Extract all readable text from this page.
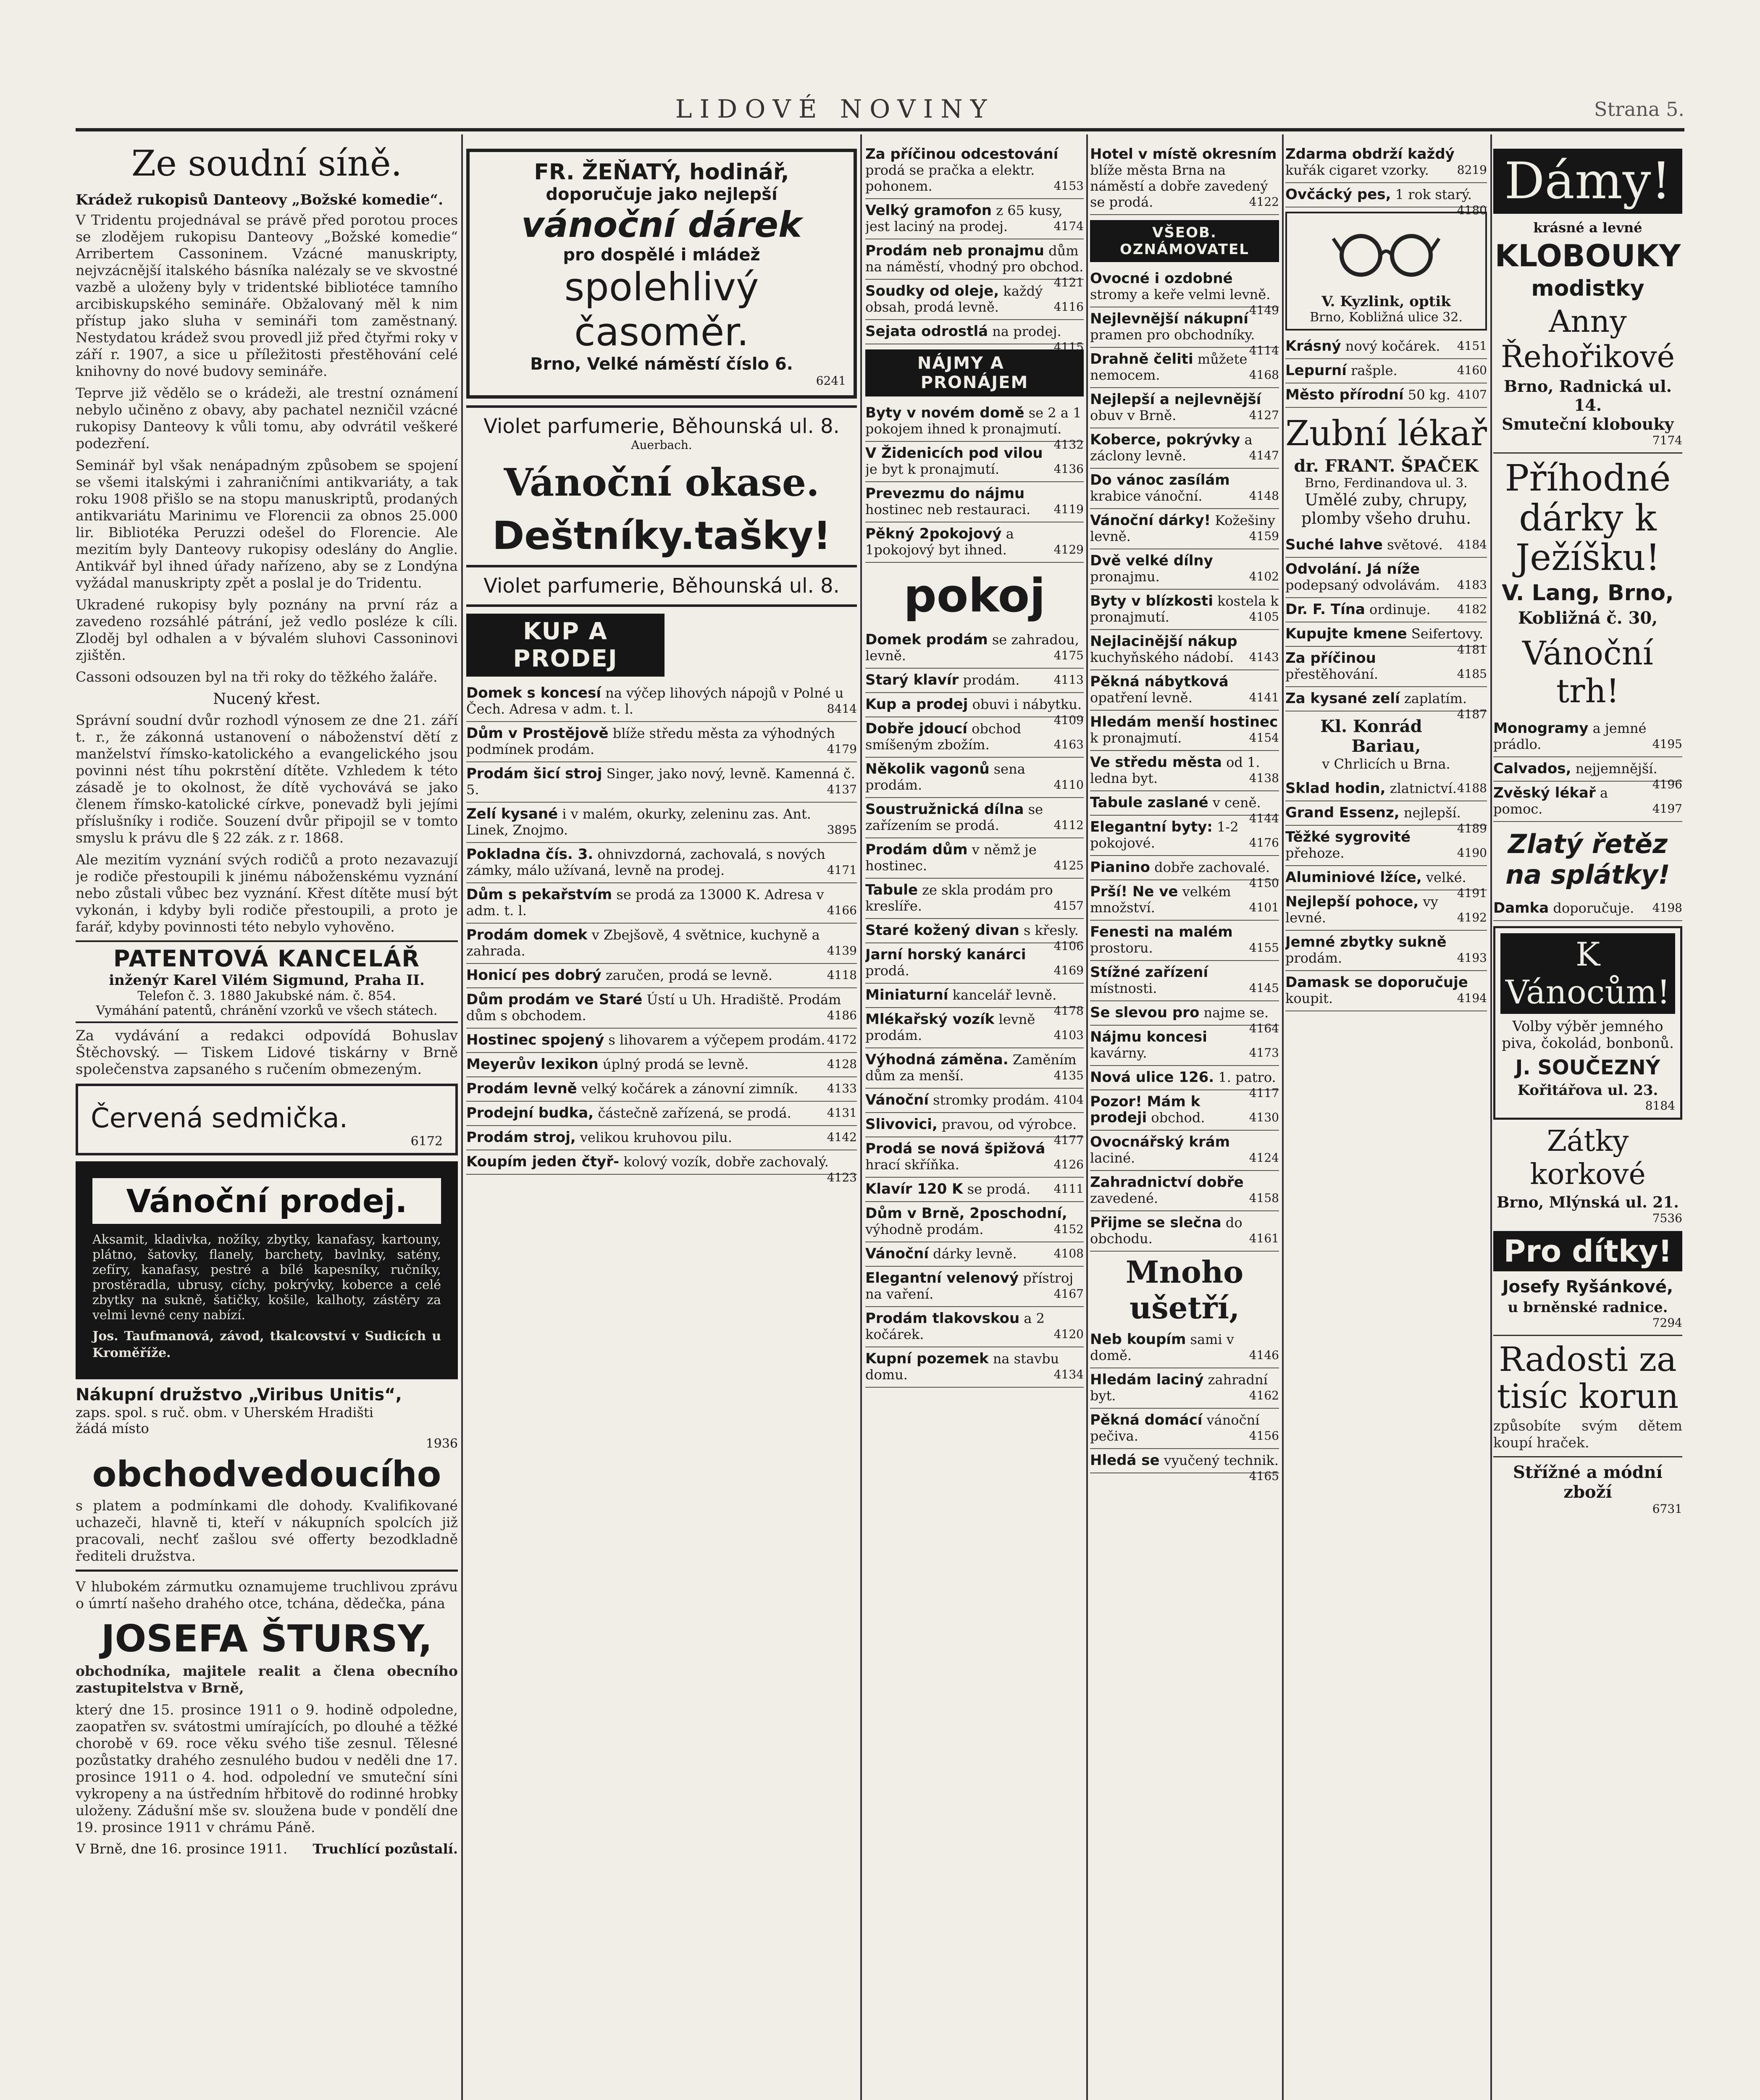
LIDOVÉ NOVINY	Strana 5.
Ze soudní síně.

Krádež rukopisů Danteovy „Božské komedie“.

V Tridentu projednával se právě před porotou proces se zlodějem rukopisu Danteovy „Božské komedie“ Arribertem Cassoninem. Vzácné manuskripty, nejvzácnější italského básníka nalézaly se ve skvostné vazbě a uloženy byly v tridentské bibliotéce tamního arcibiskupského semináře. Obžalovaný měl k nim přístup jako sluha v semináři tom zaměstnaný. Nestydatou krádež svou provedl již před čtyřmi roky v září r. 1907, a sice u příležitosti přestěhování celé knihovny do nové budovy semináře.

Teprve již vědělo se o krádeži, ale trestní oznámení nebylo učiněno z obavy, aby pachatel nezničil vzácné rukopisy Danteovy k vůli tomu, aby odvrátil veškeré podezření.

Seminář byl však nenápadným způsobem se spojení se všemi italskými i zahraničními antikvariáty, a tak roku 1908 přišlo se na stopu manuskriptů, prodaných antikvariátu Marinimu ve Florencii za obnos 25.000 lir. Bibliotéka Peruzzi odešel do Florencie. Ale mezitím byly Danteovy rukopisy odeslány do Anglie. Antikvář byl ihned úřady nařízeno, aby se z Londýna vyžádal manuskripty zpět a poslal je do Tridentu.

Ukradené rukopisy byly poznány na první ráz a zavedeno rozsáhlé pátrání, jež vedlo posléze k cíli. Zloděj byl odhalen a v bývalém sluhovi Cassoninovi zjištěn.

Cassoni odsouzen byl na tři roky do těžkého žaláře.

Nucený křest.

Správní soudní dvůr rozhodl výnosem ze dne 21. září t. r., že zákonná ustanovení o náboženství dětí z manželství římsko-katolického a evangelického jsou povinni nést tíhu pokrstění dítěte. Vzhledem k této zásadě je to okolnost, že dítě vychovává se jako členem římsko-katolické církve, ponevadž byli jejími příslušníky i rodiče. Souzení dvůr připojil se v tomto smyslu k právu dle § 22 zák. z r. 1868.

Ale mezitím vyznání svých rodičů a proto nezavazují je rodiče přestoupili k jinému náboženskému vyznání nebo zůstali vůbec bez vyznání. Křest dítěte musí být vykonán, i kdyby byli rodiče přestoupili, a proto je farář, kdyby povinnosti této nebylo vyhověno.

PATENTOVÁ KANCELÁŘ
inženýr Karel Vilém Sigmund, Praha II.
Telefon č. 3. 1880 Jakubské nám. č. 854.
Vymáhání patentů, chránění vzorků ve všech státech.

Za vydávání a redakci odpovídá Bohuslav Štěchovský. — Tiskem Lidové tiskárny v Brně společenstva zapsaného s ručením obmezeným.

Červená sedmička.
6172
Vánoční prodej.

Aksamit, kladivka, nožíky, zbytky, kanafasy, kartouny, plátno, šatovky, flanely, barchety, bavlnky, satény, zefíry, kanafasy, pestré a bílé kapesníky, ručníky, prostěradla, ubrusy, cíchy, pokrývky, koberce a celé zbytky na sukně, šatičky, košile, kalhoty, zástěry za velmi levné ceny nabízí.

Jos. Taufmanová, závod, tkalcovství v Sudicích u Kroměříže.

Nákupní družstvo „Viribus Unitis“,
zaps. spol. s ruč. obm. v Uherském Hradišti
žádá místo
1936
obchodvedoucího

s platem a podmínkami dle dohody. Kvalifikované uchazeči, hlavně ti, kteří v nákupních spolcích již pracovali, nechť zašlou své offerty bezodkladně řediteli družstva.

V hlubokém zármutku oznamujeme truchlivou zprávu o úmrtí našeho drahého otce, tchána, dědečka, pána

JOSEFA ŠTURSY,

obchodníka, majitele realit a člena obecního zastupitelstva v Brně,

který dne 15. prosince 1911 o 9. hodině odpoledne, zaopatřen sv. svátostmi umírajících, po dlouhé a těžké chorobě v 69. roce věku svého tiše zesnul. Tělesné pozůstatky drahého zesnulého budou v neděli dne 17. prosince 1911 o 4. hod. odpolední ve smuteční síni vykropeny a na ústředním hřbitově do rodinné hrobky uloženy. Zádušní mše sv. sloužena bude v pondělí dne 19. prosince 1911 v chrámu Páně.

V Brně, dne 16. prosince 1911. Truchlící pozůstalí.
FR. ŽEŇATÝ, hodinář,
doporučuje jako nejlepší
vánoční dárek
pro dospělé i mládež
spolehlivý časoměr.
Brno, Velké náměstí číslo 6.
6241
Violet parfumerie, Běhounská ul. 8.
Auerbach.
Vánoční okase.
Deštníky.tašky!
Violet parfumerie, Běhounská ul. 8.
KUP A PRODEJ

Domek s koncesí na výčep lihových nápojů v Polné u Čech. Adresa v adm. t. l.	8414

Dům v Prostějově blíže středu města za výhodných podmínek prodám.	4179

Prodám šicí stroj Singer, jako nový, levně. Kamenná č. 5.	4137

Zelí kysané i v malém, okurky, zeleninu zas. Ant. Linek, Znojmo.	3895

Pokladna čís. 3. ohnivzdorná, zachovalá, s nových zámky, málo užívaná, levně na prodej.	4171

Dům s pekařstvím se prodá za 13000 K. Adresa v adm. t. l.	4166

Prodám domek v Zbejšově, 4 světnice, kuchyně a zahrada.	4139

Honicí pes dobrý zaručen, prodá se levně.	4118

Dům prodám ve Staré Ústí u Uh. Hradiště. Prodám dům s obchodem.	4186

Hostinec spojený s lihovarem a výčepem prodám. 4172

Meyerův lexikon úplný prodá se levně.	4128

Prodám levně velký kočárek a zánovní zimník. 4133

Prodejní budka, částečně zařízená, se prodá.	4131

Prodám stroj, velikou kruhovou pilu.	4142

Koupím jeden čtyř- kolový vozík, dobře zachovalý.
4123

Za příčinou odcestování prodá se pračka a elektr. pohonem.	4153

Velký gramofon z 65 kusy, jest laciný na prodej.	4174

Prodám neb pronajmu dům na náměstí, vhodný pro obchod.
4121

Soudky od oleje, každý obsah, prodá levně.	4116

Sejata odrostlá na prodej.
4115

NÁJMY A PRONÁJEM

Byty v novém domě se 2 a 1 pokojem ihned k pronajmutí.
4132

V Židenicích pod vilou je byt k pronajmutí.	4136

Prevezmu do nájmu hostinec neb restauraci. 4119

Pěkný 2pokojový a 1pokojový byt ihned.	4129

pokoj

Domek prodám se zahradou, levně.	4175

Starý klavír prodám.	4113

Kup a prodej obuvi i nábytku.
4109

Dobře jdoucí obchod smíšeným zbožím.	4163

Několik vagonů sena prodám.	4110

Soustružnická dílna se zařízením se prodá.	4112

Prodám dům v němž je hostinec.	4125

Tabule ze skla prodám pro kreslíře.	4157

Staré kožený divan s křesly.
4106

Jarní horský kanárci prodá.	4169

Miniaturní kancelář levně.
4178

Mlékařský vozík levně prodám.	4103

Výhodná záměna. Zaměním dům za menší.	4135

Vánoční stromky prodám. 4104

Slivovici, pravou, od výrobce.
4177

Prodá se nová špižová hrací skříňka.	4126

Klavír 120 K se prodá. 4111

Dům v Brně, 2poschodní, výhodně prodám.	4152

Vánoční dárky levně.	4108

Elegantní velenový přístroj na vaření.	4167

Prodám tlakovskou a 2 kočárek.	4120

Kupní pozemek na stavbu domu.	4134

Hotel v místě okresním blíže města Brna na náměstí a dobře zavedený se prodá.	4122

VŠEOB. OZNÁMOVATEL

Ovocné i ozdobné stromy a keře velmi levně.
4149

Nejlevnější nákupní pramen pro obchodníky.
4114

Drahně čeliti můžete nemocem.	4168

Nejlepší a nejlevnější obuv v Brně.	4127

Koberce, pokrývky a záclony levně.	4147

Do vánoc zasílám krabice vánoční.	4148

Vánoční dárky! Kožešiny levně.	4159

Dvě velké dílny pronajmu.	4102

Byty v blízkosti kostela k pronajmutí.	4105

Nejlacinější nákup kuchyňského nádobí. 4143

Pěkná nábytková opatření levně.	4141

Hledám menší hostinec k pronajmutí.	4154

Ve středu města od 1. ledna byt.	4138

Tabule zaslané v ceně.
4144

Elegantní byty: 1-2 pokojové.	4176

Pianino dobře zachovalé.
4150

Prší! Ne ve velkém množství.	4101

Fenesti na malém prostoru.	4155

Stížné zařízení místnosti.	4145

Se slevou pro najme se.
4164

Nájmu koncesi kavárny.	4173

Nová ulice 126. 1. patro.
4117

Pozor! Mám k prodeji obchod.	4130

Ovocnářský krám laciné.	4124

Zahradnictví dobře zavedené.	4158

Přijme se slečna do obchodu.	4161

Mnoho ušetří,

Neb koupím sami v domě.	4146

Hledám laciný zahradní byt.	4162

Pěkná domácí vánoční pečiva.	4156

Hledá se vyučený technik.
4165

Zdarma obdrží každý kuřák cigaret vzorky. 8219

Ovčácký pes, 1 rok starý.
4180

V. Kyzlink, optik
Brno, Kobližná ulice 32.

Krásný nový kočárek. 4151

Lepurní rašple.	4160

Město přírodní 50 kg. 4107

Zubní lékař
dr. FRANT. ŠPAČEK
Brno, Ferdinandova ul. 3.
Umělé zuby, chrupy, plomby všeho druhu.

Suché lahve světové. 4184

Odvolání. Já níže podepsaný odvolávám. 4183

Dr. F. Tína ordinuje. 4182

Kupujte kmene Seifertovy.
4181

Za příčinou přestěhování.	4185

Za kysané zelí zaplatím.
4187

Kl. Konrád Bariau,
v Chrlicích u Brna.

Sklad hodin, zlatnictví. 4188

Grand Essenz, nejlepší.
4189

Těžké sygrovité přehoze.	4190

Aluminiové lžíce, velké.
4191

Nejlepší pohoce, vy levné.	4192

Jemné zbytky sukně prodám.	4193

Damask se doporučuje koupit.	4194

Dámy!
krásné a levné
KLOBOUKY
modistky
Anny Řehořikové
Brno, Radnická ul. 14.
Smuteční klobouky
7174
Příhodné dárky k Ježíšku!
V. Lang, Brno,
Kobližná č. 30,
Vánoční trh!

Monogramy a jemné prádlo.	4195

Calvados, nejjemnější.
4196

Zvěský lékař a pomoc.	4197

Zlatý řetěz na splátky!

Damka doporučuje. 4198

K Vánocům!
Volby výběr jemného piva, čokolád, bonbonů.
J. SOUČEZNÝ
Kořitářova ul. 23.
8184
Zátky korkové
Brno, Mlýnská ul. 21.
7536
Pro dítky!
Josefy Ryšánkové,
u brněnské radnice.
7294
Radosti za tisíc korun

způsobíte svým dětem koupí hraček.

Střížné a módní zboží
6731
